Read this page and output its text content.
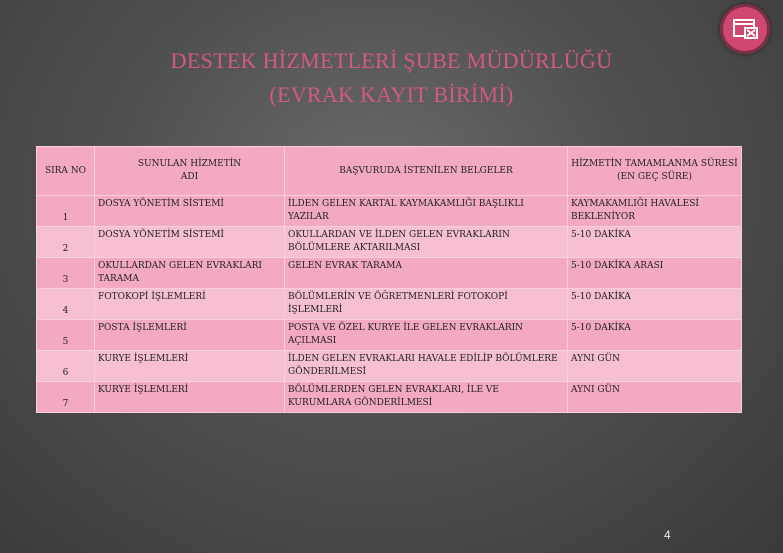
DESTEK HİZMETLERİ ŞUBE MÜDÜRLÜĞÜ
(EVRAK KAYIT BİRİMİ)
SIRA NO	SUNULAN HİZMETİN ADI	BAŞVURUDA İSTENİLEN BELGELER	HİZMETİN TAMAMLANMA SÜRESİ (EN GEÇ SÜRE)
1	DOSYA YÖNETİM SİSTEMİ	İLDEN GELEN KARTAL KAYMAKAMLIĞI BAŞLIKLI YAZILAR	KAYMAKAMLIĞI HAVALESİ BEKLENİYOR
2	DOSYA YÖNETİM SİSTEMİ	OKULLARDAN VE İLDEN GELEN EVRAKLARIN BÖLÜMLERE AKTARILMASI	5-10 DAKİKA
3	OKULLARDAN GELEN EVRAKLARI TARAMA	GELEN EVRAK TARAMA	5-10 DAKİKA ARASI
4	FOTOKOPİ İŞLEMLERİ	BÖLÜMLERİN VE ÖĞRETMENLERİ FOTOKOPİ İŞLEMLERİ	5-10 DAKİKA
5	POSTA İŞLEMLERİ	POSTA VE ÖZEL KURYE İLE GELEN EVRAKLARIN AÇILMASI	5-10 DAKİKA
6	KURYE İŞLEMLERİ	İLDEN GELEN EVRAKLARI HAVALE EDİLİP BÖLÜMLERE GÖNDERİLMESİ	AYNI GÜN
7	KURYE İŞLEMLERİ	BÖLÜMLERDEN GELEN EVRAKLARI, İLE VE KURUMLARA GÖNDERİLMESİ	AYNI GÜN
4
